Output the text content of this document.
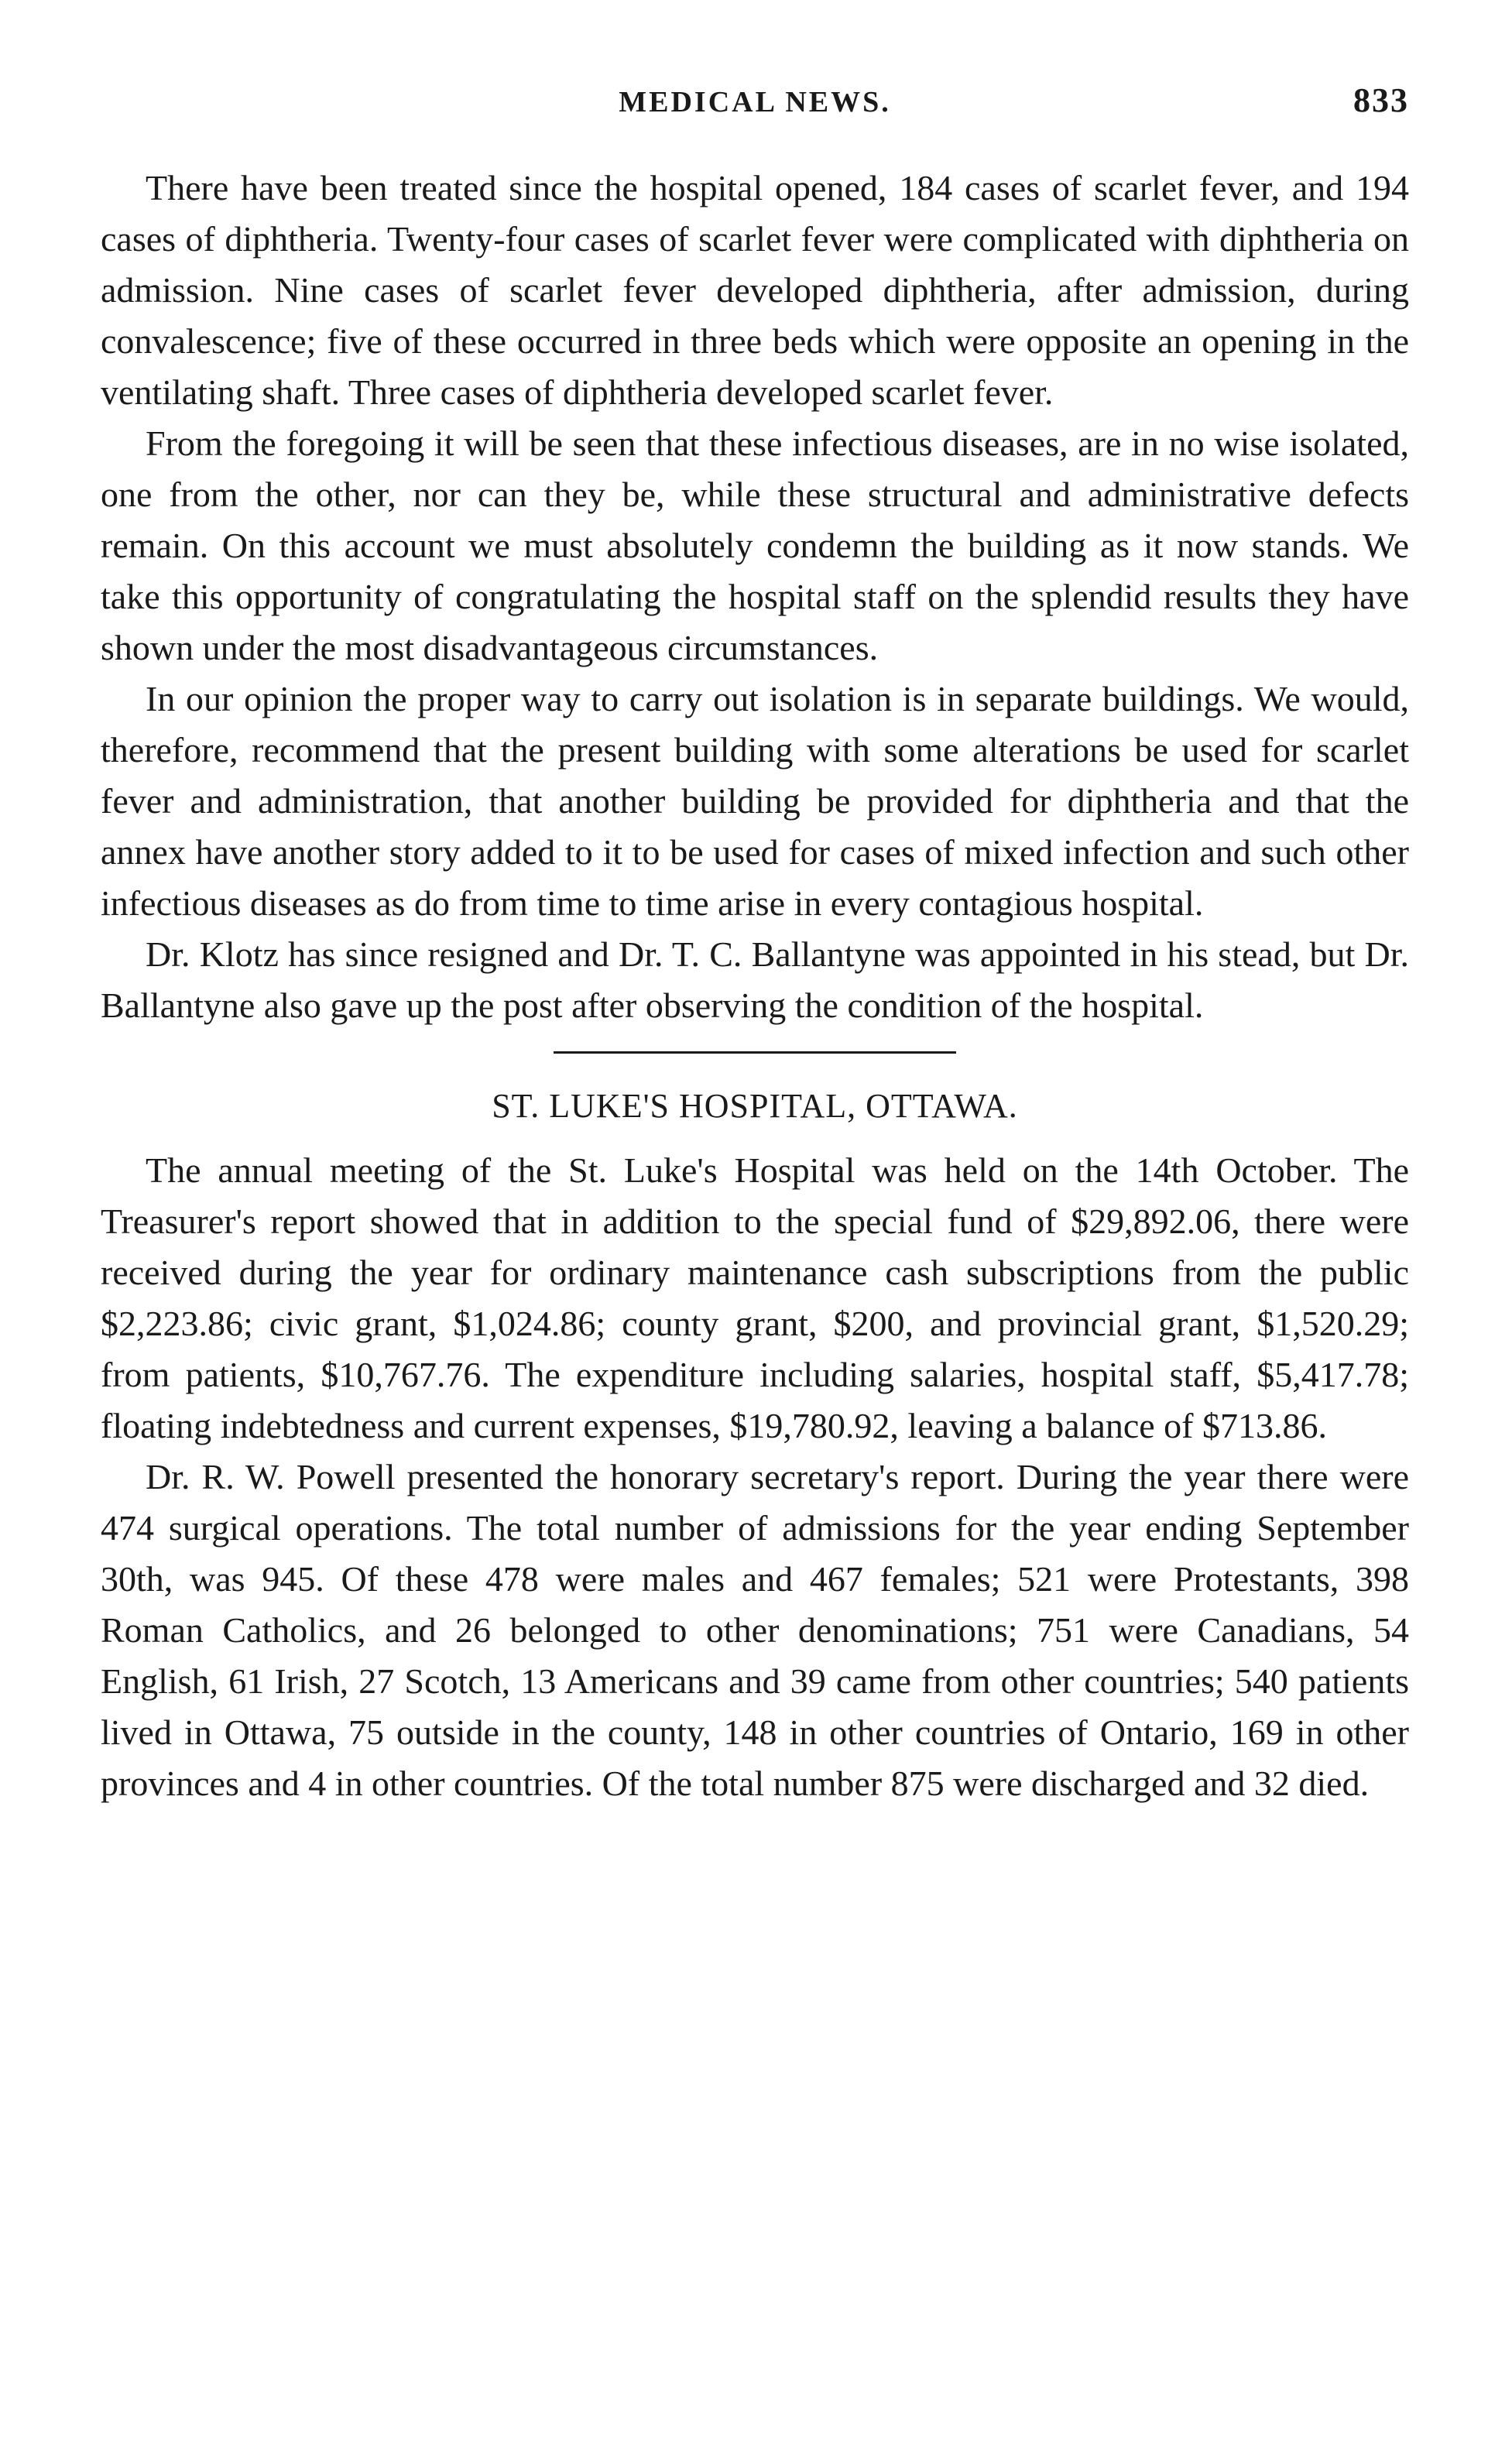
MEDICAL NEWS.	833

There have been treated since the hospital opened, 184 cases of scarlet fever, and 194 cases of diphtheria. Twenty-four cases of scarlet fever were complicated with diphtheria on admission. Nine cases of scarlet fever developed diphtheria, after admission, during convalescence; five of these occurred in three beds which were opposite an opening in the ventilating shaft. Three cases of diphtheria developed scarlet fever.

From the foregoing it will be seen that these infectious diseases, are in no wise isolated, one from the other, nor can they be, while these structural and administrative defects remain. On this account we must absolutely condemn the building as it now stands. We take this opportunity of congratulating the hospital staff on the splendid results they have shown under the most disadvantageous circumstances.

In our opinion the proper way to carry out isolation is in separate buildings. We would, therefore, recommend that the present building with some alterations be used for scarlet fever and administration, that another building be provided for diphtheria and that the annex have another story added to it to be used for cases of mixed infection and such other infectious diseases as do from time to time arise in every contagious hospital.

Dr. Klotz has since resigned and Dr. T. C. Ballantyne was appointed in his stead, but Dr. Ballantyne also gave up the post after observing the condition of the hospital.

ST. LUKE'S HOSPITAL, OTTAWA.

The annual meeting of the St. Luke's Hospital was held on the 14th October. The Treasurer's report showed that in addition to the special fund of $29,892.06, there were received during the year for ordinary maintenance cash subscriptions from the public $2,223.86; civic grant, $1,024.86; county grant, $200, and provincial grant, $1,520.29; from patients, $10,767.76. The expenditure including salaries, hospital staff, $5,417.78; floating indebtedness and current expenses, $19,780.92, leaving a balance of $713.86.

Dr. R. W. Powell presented the honorary secretary's report. During the year there were 474 surgical operations. The total number of admissions for the year ending September 30th, was 945. Of these 478 were males and 467 females; 521 were Protestants, 398 Roman Catholics, and 26 belonged to other denominations; 751 were Canadians, 54 English, 61 Irish, 27 Scotch, 13 Americans and 39 came from other countries; 540 patients lived in Ottawa, 75 outside in the county, 148 in other countries of Ontario, 169 in other provinces and 4 in other countries. Of the total number 875 were discharged and 32 died.
